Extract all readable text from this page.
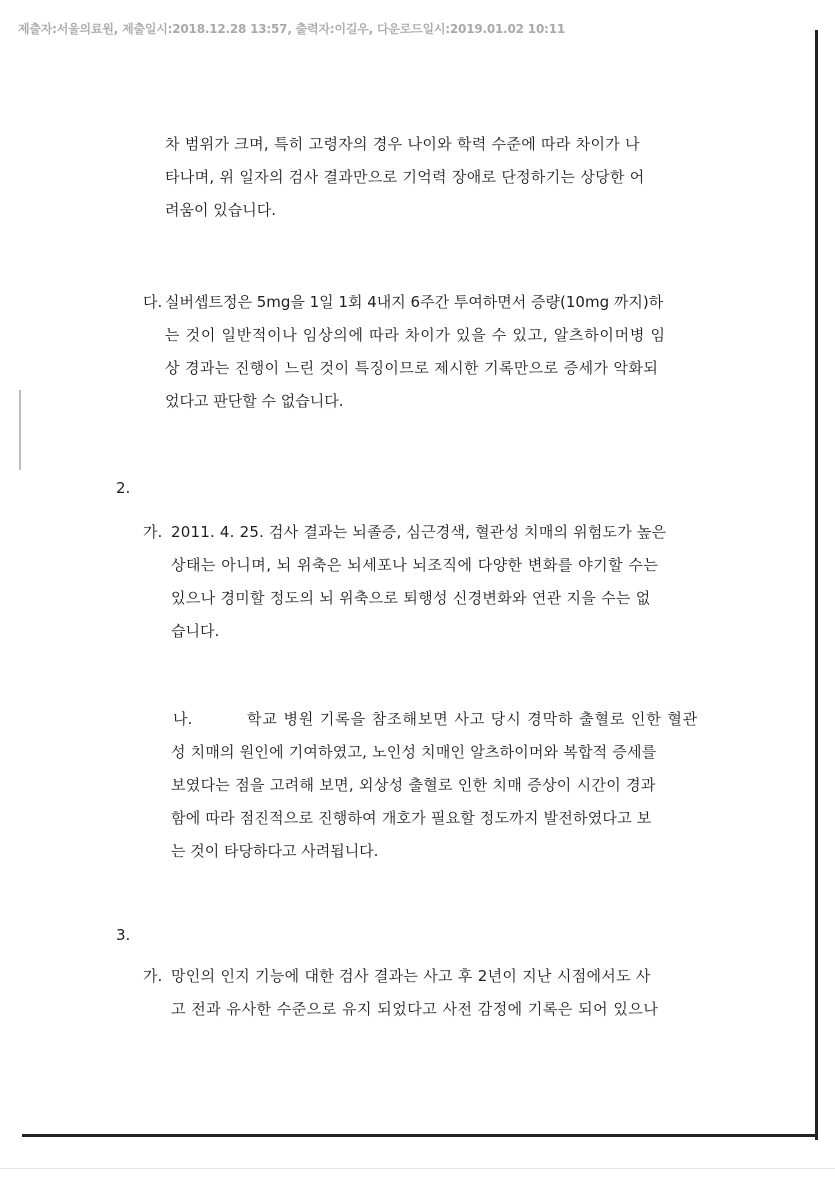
제출자:서울의료원, 제출일시:2018.12.28 13:57, 출력자:이길우, 다운로드일시:2019.01.02 10:11
차 범위가 크며, 특히 고령자의 경우 나이와 학력 수준에 따라 차이가 나
타나며, 위 일자의 검사 결과만으로 기억력 장애로 단정하기는 상당한 어
려움이 있습니다.
다. 실버셉트정은 5mg을 1일 1회 4내지 6주간 투여하면서 증량(10mg 까지)하
는 것이 일반적이나 임상의에 따라 차이가 있을 수 있고, 알츠하이머병 임
상 경과는 진행이 느린 것이 특징이므로 제시한 기록만으로 증세가 악화되
었다고 판단할 수 없습니다.
2.
가. 2011. 4. 25. 검사 결과는 뇌졸증, 심근경색, 혈관성 치매의 위험도가 높은
상태는 아니며, 뇌 위축은 뇌세포나 뇌조직에 다양한 변화를 야기할 수는
있으나 경미할 정도의 뇌 위축으로 퇴행성 신경변화와 연관 지을 수는 없
습니다.
나.	학교 병원 기록을 참조해보면 사고 당시 경막하 출혈로 인한 혈관
성 치매의 원인에 기여하였고, 노인성 치매인 알츠하이머와 복합적 증세를
보였다는 점을 고려해 보면, 외상성 출혈로 인한 치매 증상이 시간이 경과
함에 따라 점진적으로 진행하여 개호가 필요할 정도까지 발전하였다고 보
는 것이 타당하다고 사려됩니다.
3.
가. 망인의 인지 기능에 대한 검사 결과는 사고 후 2년이 지난 시점에서도 사
고 전과 유사한 수준으로 유지 되었다고 사전 감정에 기록은 되어 있으나
